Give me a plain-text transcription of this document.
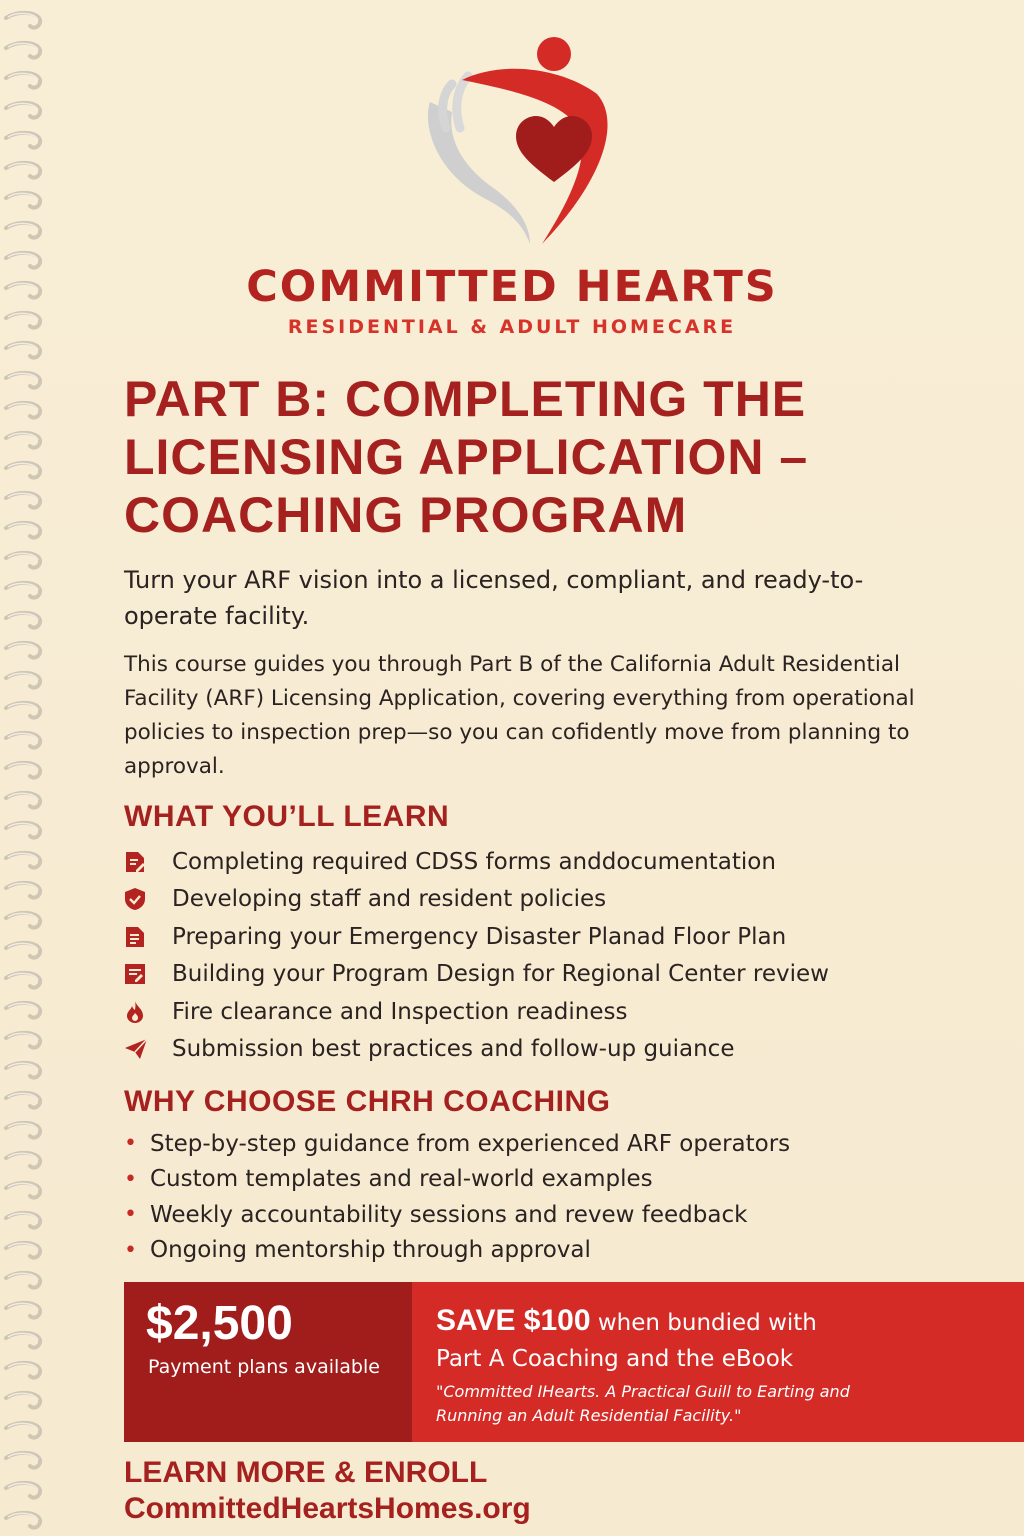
COMMITTED HEARTS
RESIDENTIAL & ADULT HOMECARE
PART B: COMPLETING THE
LICENSING APPLICATION –
COACHING PROGRAM

Turn your ARF vision into a licensed, compliant, and ready-to-operate facility.

This course guides you through Part B of the California Adult Residential Facility (ARF) Licensing Application, covering everything from operational policies to inspection prep—so you can cofidently move from planning to approval.

WHAT YOU’LL LEARN
Completing required CDSS forms anddocumentation
Developing staff and resident policies
Preparing your Emergency Disaster Planad Floor Plan
Building your Program Design for Regional Center review
Fire clearance and Inspection readiness
Submission best practices and follow-up guiance
WHY CHOOSE CHRH COACHING
• Step-by-step guidance from experienced ARF operators
• Custom templates and real-world examples
• Weekly accountability sessions and revew feedback
• Ongoing mentorship through approval
$2,500
Payment plans available
SAVE $100 when bundied with
Part A Coaching and the eBook
"Committed IHearts. A Practical Guill to Earting and Running an Adult Residential Facility."
LEARN MORE & ENROLL
CommittedHeartsHomes.org
